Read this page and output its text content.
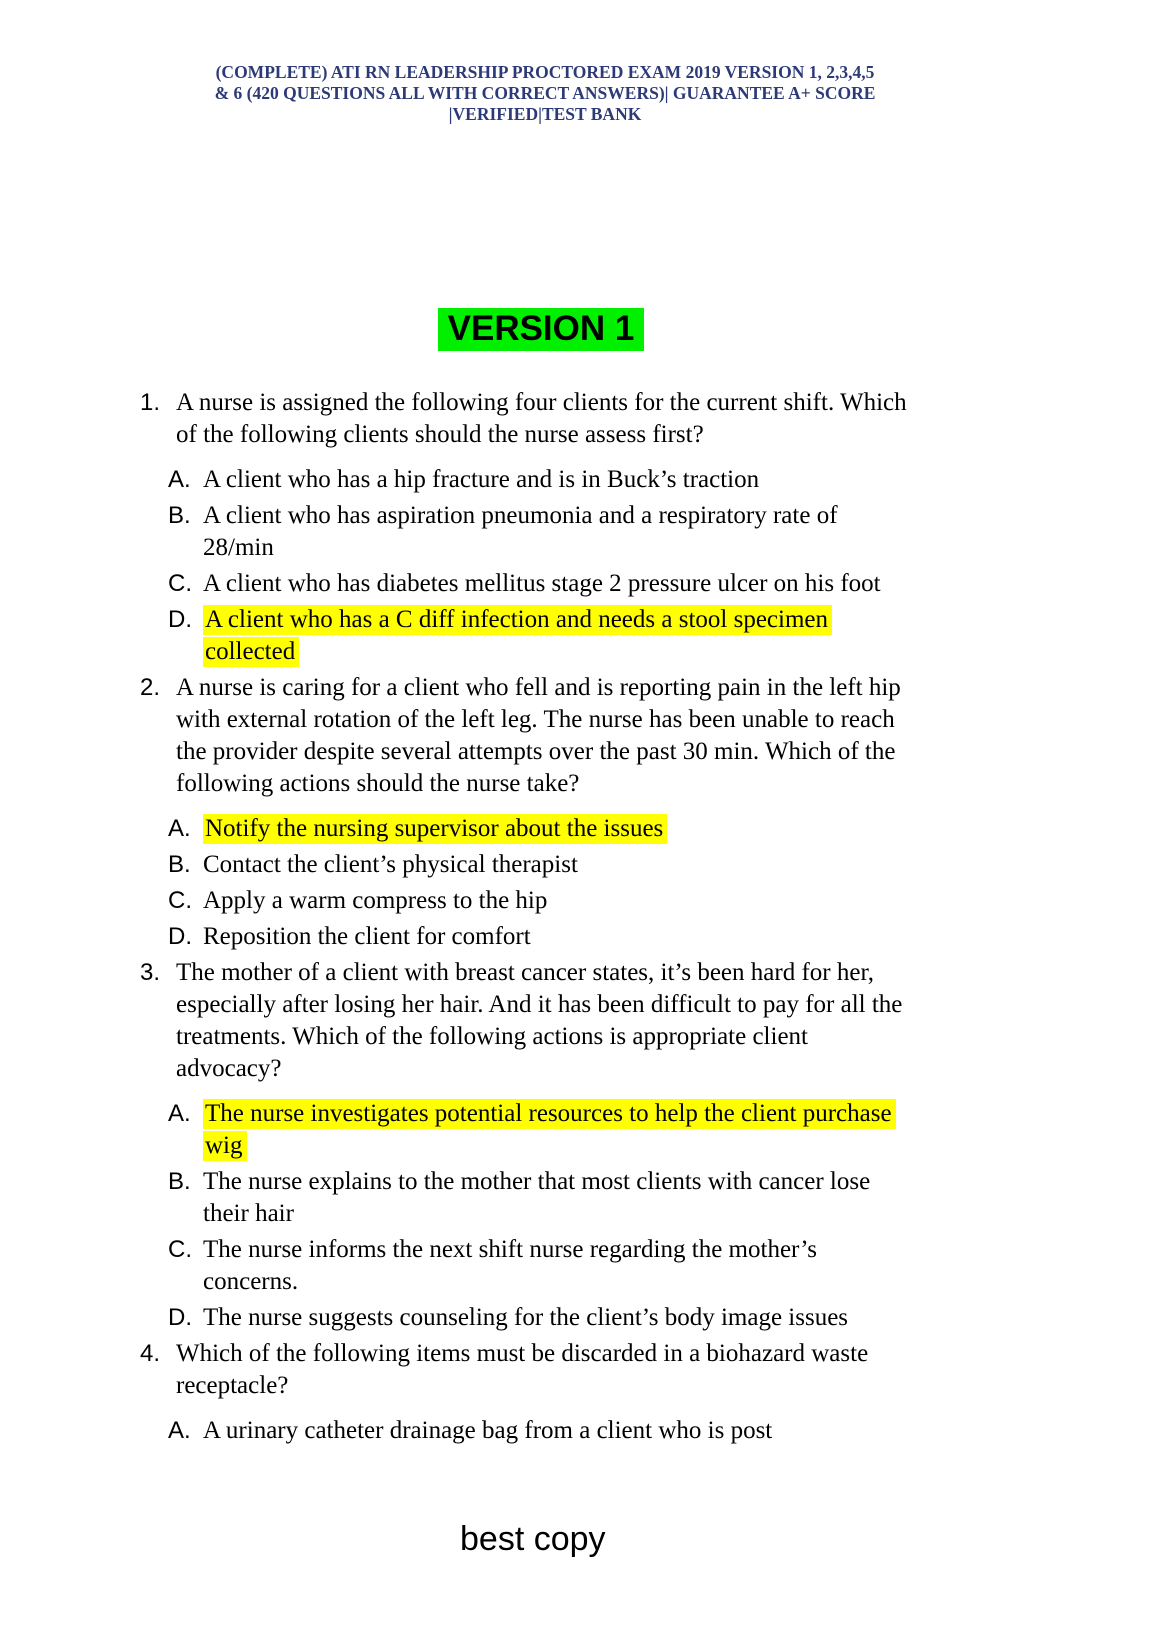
(COMPLETE) ATI RN LEADERSHIP PROCTORED EXAM 2019 VERSION 1, 2,3,4,5 & 6 (420 QUESTIONS ALL WITH CORRECT ANSWERS)| GUARANTEE A+ SCORE |VERIFIED|TEST BANK
VERSION 1
1. A nurse is assigned the following four clients for the current shift. Which of the following clients should the nurse assess first?
A. A client who has a hip fracture and is in Buck’s traction
B. A client who has aspiration pneumonia and a respiratory rate of 28/min
C. A client who has diabetes mellitus stage 2 pressure ulcer on his foot
D. A client who has a C diff infection and needs a stool specimen collected
2. A nurse is caring for a client who fell and is reporting pain in the left hip with external rotation of the left leg. The nurse has been unable to reach the provider despite several attempts over the past 30 min. Which of the following actions should the nurse take?
A. Notify the nursing supervisor about the issues
B. Contact the client’s physical therapist
C. Apply a warm compress to the hip
D. Reposition the client for comfort
3. The mother of a client with breast cancer states, it’s been hard for her, especially after losing her hair. And it has been difficult to pay for all the treatments. Which of the following actions is appropriate client advocacy?
A. The nurse investigates potential resources to help the client purchase wig
B. The nurse explains to the mother that most clients with cancer lose their hair
C. The nurse informs the next shift nurse regarding the mother’s concerns.
D. The nurse suggests counseling for the client’s body image issues
4. Which of the following items must be discarded in a biohazard waste receptacle?
A. A urinary catheter drainage bag from a client who is post
best copy
